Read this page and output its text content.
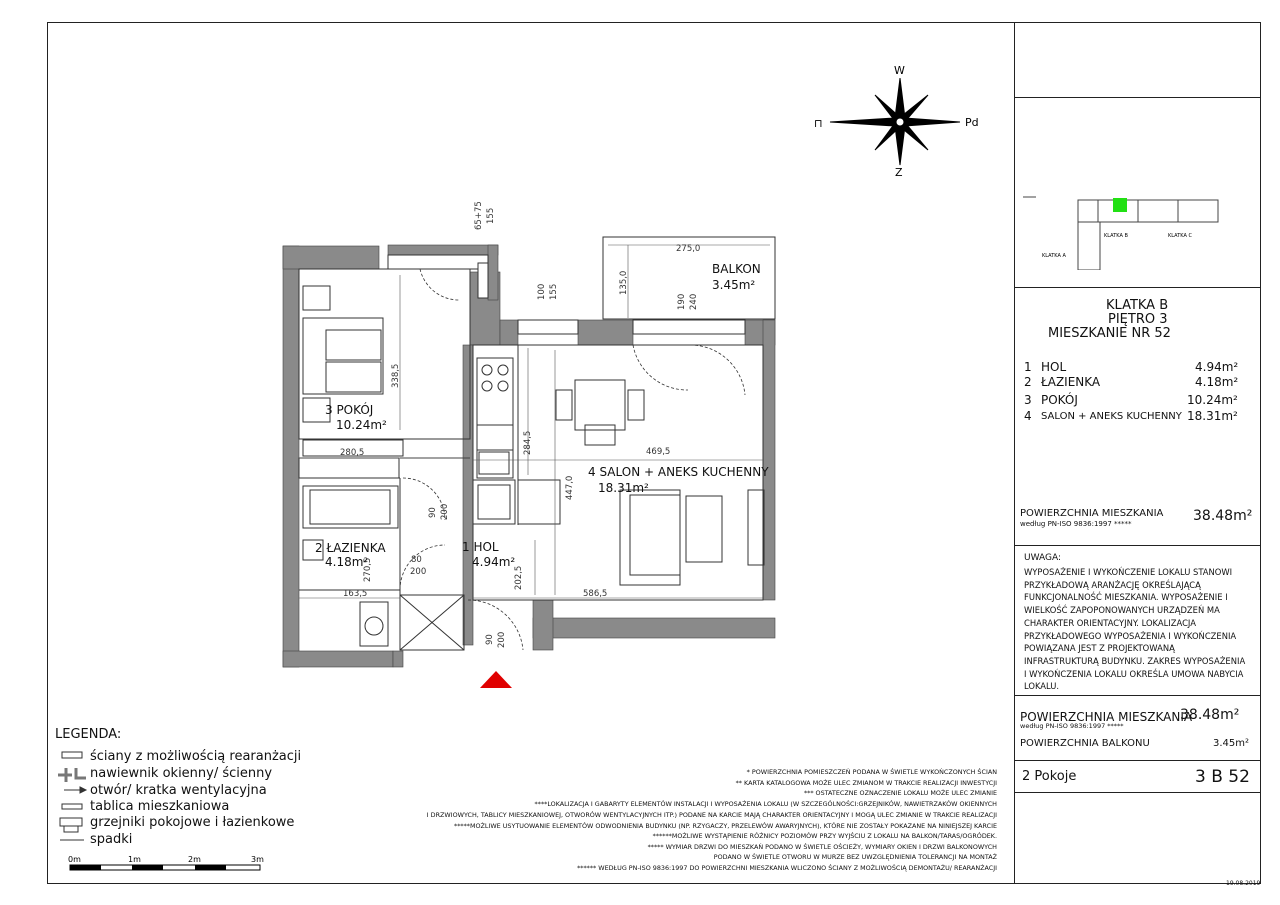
W
Z
Pd
⊓
65+75 155
100 155
190 240
275,0
135,0
338,5
284,5	469,5
280,5
447,0
90 200
80
200
270,5
163,5
202,5
586,5
90 200
BALKON
3.45m²
3 POKÓJ
10.24m²
4 SALON + ANEKS KUCHENNY
18.31m²
2 ŁAZIENKA
4.18m²
1 HOL
4.94m²
0m	1m	2m	3m
KLATKA B	KLATKA C
KLATKA A
KLATKA B
PIĘTRO 3
MIESZKANIE NR 52
1 HOL	4.94m²
2 ŁAZIENKA	4.18m²
3 POKÓJ	10.24m²
4 SALON + ANEKS KUCHENNY 18.31m²
POWIERZCHNIA MIESZKANIA
według PN-ISO 9836:1997 *****	38.48m²
UWAGA:
WYPOSAŻENIE I WYKOŃCZENIE LOKALU STANOWI
PRZYKŁADOWĄ ARANŻACJĘ OKREŚLAJĄCĄ
FUNKCJONALNOŚĆ MIESZKANIA. WYPOSAŻENIE I
WIELKOŚĆ ZAPOPONOWANYCH URZĄDZEŃ MA
CHARAKTER ORIENTACYJNY. LOKALIZACJA
PRZYKŁADOWEGO WYPOSAŻENIA I WYKOŃCZENIA
POWIĄZANA JEST Z PROJEKTOWANĄ
INFRASTRUKTURĄ BUDYNKU. ZAKRES WYPOSAŻENIA
I WYKOŃCZENIA LOKALU OKREŚLA UMOWA NABYCIA
LOKALU.
POWIERZCHNIA MIESZKANIA
według PN-ISO 9836:1997 *****
38.48m²
POWIERZCHNIA BALKONU	3.45m²
2 Pokoje	3 B 52
LEGENDA:
ściany z możliwością rearanżacji
nawiewnik okienny/ ścienny
otwór/ kratka wentylacyjna
tablica mieszkaniowa
grzejniki pokojowe i łazienkowe
spadki
* POWIERZCHNIA POMIESZCZEŃ PODANA W ŚWIETLE WYKOŃCZONYCH ŚCIAN
** KARTA KATALOGOWA MOŻE ULEC ZMIANOM W TRAKCIE REALIZACJI INWESTYCJI
*** OSTATECZNE OZNACZENIE LOKALU MOŻE ULEC ZMIANIE
****LOKALIZACJA I GABARYTY ELEMENTÓW INSTALACJI I WYPOSAŻENIA LOKALU (W SZCZEGÓLNOŚCI:GRZEJNIKÓW, NAWIETRZAKÓW OKIENNYCH
I DRZWIOWYCH, TABLICY MIESZKANIOWEJ, OTWORÓW WENTYLACYJNYCH ITP.) PODANE NA KARCIE MAJĄ CHARAKTER ORIENTACYJNY I MOGĄ ULEC ZMIANIE W TRAKCIE REALIZACJI
*****MOŻLIWE USYTUOWANIE ELEMENTÓW ODWODNIENIA BUDYNKU (NP. RZYGACZY, PRZELEWÓW AWARYJNYCH), KTÓRE NIE ZOSTAŁY POKAZANE NA NINIEJSZEJ KARCIE
******MOŻLIWE WYSTĄPIENIE RÓŻNICY POZIOMÓW PRZY WYJŚCIU Z LOKALU NA BALKON/TARAS/OGRÓDEK.
***** WYMIAR DRZWI DO MIESZKAŃ PODANO W ŚWIETLE OŚCIEŻY, WYMIARY OKIEN I DRZWI BALKONOWYCH
PODANO W ŚWIETLE OTWORU W MURZE BEZ UWZGLĘDNIENIA TOLERANCJI NA MONTAŻ
****** WEDŁUG PN-ISO 9836:1997 DO POWIERZCHNI MIESZKANIA WLICZONO ŚCIANY Z MOŻLIWOŚCIĄ DEMONTAŻU/ REARANŻACJI
19.08.2019
